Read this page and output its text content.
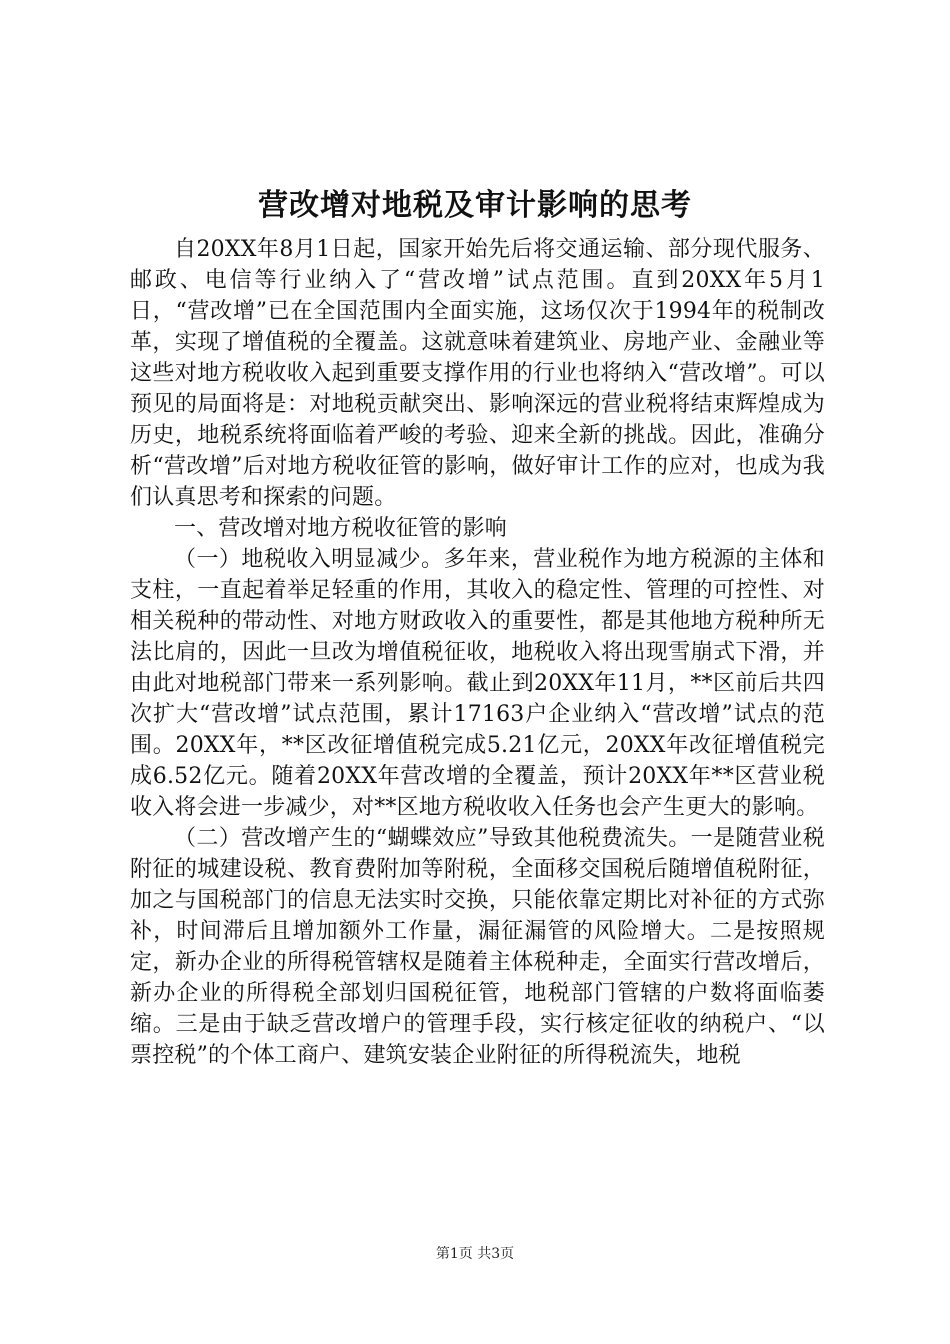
营改增对地税及审计影响的思考

自20XX年8月1日起，国家开始先后将交通运输、部分现代服务、邮政、电信等行业纳入了“营改增”试点范围。直到20XX年5月1日，“营改增”已在全国范围内全面实施，这场仅次于1994年的税制改革，实现了增值税的全覆盖。这就意味着建筑业、房地产业、金融业等这些对地方税收收入起到重要支撑作用的行业也将纳入“营改增”。可以预见的局面将是：对地税贡献突出、影响深远的营业税将结束辉煌成为历史，地税系统将面临着严峻的考验、迎来全新的挑战。因此，准确分析“营改增”后对地方税收征管的影响，做好审计工作的应对，也成为我们认真思考和探索的问题。

一、营改增对地方税收征管的影响

（一）地税收入明显减少。多年来，营业税作为地方税源的主体和支柱，一直起着举足轻重的作用，其收入的稳定性、管理的可控性、对相关税种的带动性、对地方财政收入的重要性，都是其他地方税种所无法比肩的，因此一旦改为增值税征收，地税收入将出现雪崩式下滑，并由此对地税部门带来一系列影响。截止到20XX年11月，**区前后共四次扩大“营改增”试点范围，累计17163户企业纳入“营改增”试点的范围。20XX年，**区改征增值税完成5.21亿元，20XX年改征增值税完成6.52亿元。随着20XX年营改增的全覆盖，预计20XX年**区营业税收入将会进一步减少，对**区地方税收收入任务也会产生更大的影响。

（二）营改增产生的“蝴蝶效应”导致其他税费流失。一是随营业税附征的城建设税、教育费附加等附税，全面移交国税后随增值税附征，加之与国税部门的信息无法实时交换，只能依靠定期比对补征的方式弥补，时间滞后且增加额外工作量，漏征漏管的风险增大。二是按照规定，新办企业的所得税管辖权是随着主体税种走，全面实行营改增后，新办企业的所得税全部划归国税征管，地税部门管辖的户数将面临萎缩。三是由于缺乏营改增户的管理手段，实行核定征收的纳税户、“以票控税”的个体工商户、建筑安装企业附征的所得税流失，地税

第1页 共3页
